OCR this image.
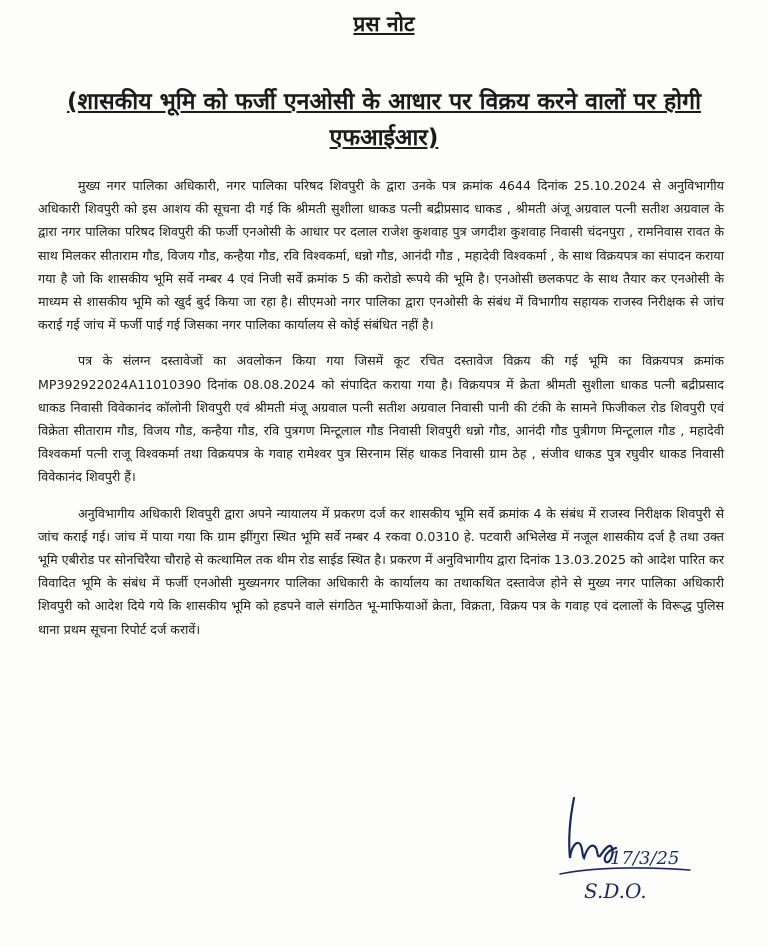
प्रस नोट
(शासकीय भूमि को फर्जी एनओसी के आधार पर विक्रय करने वालों पर होगी एफआईआर)

मुख्य नगर पालिका अधिकारी, नगर पालिका परिषद शिवपुरी के द्वारा उनके पत्र क्रमांक 4644 दिनांक 25.10.2024 से अनुविभागीय अधिकारी शिवपुरी को इस आशय की सूचना दी गई कि श्रीमती सुशीला धाकड पत्नी बद्रीप्रसाद धाकड , श्रीमती अंजू अग्रवाल पत्नी सतीश अग्रवाल के द्वारा नगर पालिका परिषद शिवपुरी की फर्जी एनओसी के आधार पर दलाल राजेश कुशवाह पुत्र जगदीश कुशवाह निवासी चंदनपुरा , रामनिवास रावत के साथ मिलकर सीताराम गौड, विजय गौड, कन्हैया गौड, रवि विश्वकर्मा, धन्नो गौड, आनंदी गौड , महादेवी विश्वकर्मा , के साथ विक्रयपत्र का संपादन कराया गया है जो कि शासकीय भूमि सर्वे नम्बर 4 एवं निजी सर्वे क्रमांक 5 की करोडो रूपये की भूमि है। एनओसी छलकपट के साथ तैयार कर एनओसी के माध्यम से शासकीय भूमि को खुर्द बुर्द किया जा रहा है। सीएमओ नगर पालिका द्वारा एनओसी के संबंध में विभागीय सहायक राजस्व निरीक्षक से जांच कराई गई जांच में फर्जी पाई गई जिसका नगर पालिका कार्यालय से कोई संबंधित नहीं है।

पत्र के संलग्न दस्तावेजों का अवलोकन किया गया जिसमें कूट रचित दस्तावेज विक्रय की गई भूमि का विक्रयपत्र क्रमांक MP392922024A11010390 दिनांक 08.08.2024 को संपादित कराया गया है। विक्रयपत्र में क्रेता श्रीमती सुशीला धाकड पत्नी बद्रीप्रसाद धाकड निवासी विवेकानंद कॉलोनी शिवपुरी एवं श्रीमती मंजू अग्रवाल पत्नी सतीश अग्रवाल निवासी पानी की टंकी के सामने फिजीकल रोड शिवपुरी एवं विक्रेता सीताराम गौड, विजय गौड, कन्हैया गौड, रवि पुत्रगण मिन्टूलाल गौड निवासी शिवपुरी धन्नो गौड, आनंदी गौड पुत्रीगण मिन्टूलाल गौड , महादेवी विश्वकर्मा पत्नी राजू विश्वकर्मा तथा विक्रयपत्र के गवाह रामेश्वर पुत्र सिरनाम सिंह धाकड निवासी ग्राम ठेह , संजीव धाकड पुत्र रघुवीर धाकड निवासी विवेकानंद शिवपुरी हैं।

अनुविभागीय अधिकारी शिवपुरी द्वारा अपने न्यायालय में प्रकरण दर्ज कर शासकीय भूमि सर्वे क्रमांक 4 के संबंध में राजस्व निरीक्षक शिवपुरी से जांच कराई गई। जांच में पाया गया कि ग्राम झींगुरा स्थित भूमि सर्वे नम्बर 4 रकवा 0.0310 हे. पटवारी अभिलेख में नजूल शासकीय दर्ज है तथा उक्त भूमि एबीरोड पर सोनचिरैया चौराहे से कत्थामिल तक थीम रोड साईड स्थित है। प्रकरण में अनुविभागीय द्वारा दिनांक 13.03.2025 को आदेश पारित कर विवादित भूमि के संबंध में फर्जी एनओसी मुख्यनगर पालिका अधिकारी के कार्यालय का तथाकथित दस्तावेज होने से मुख्य नगर पालिका अधिकारी शिवपुरी को आदेश दिये गये कि शासकीय भूमि को हडपने वाले संगठित भू-माफियाओं क्रेता, विक्रता, विक्रय पत्र के गवाह एवं दलालों के विरूद्ध पुलिस थाना प्रथम सूचना रिपोर्ट दर्ज करावें।

17/3/25
S.D.O.
